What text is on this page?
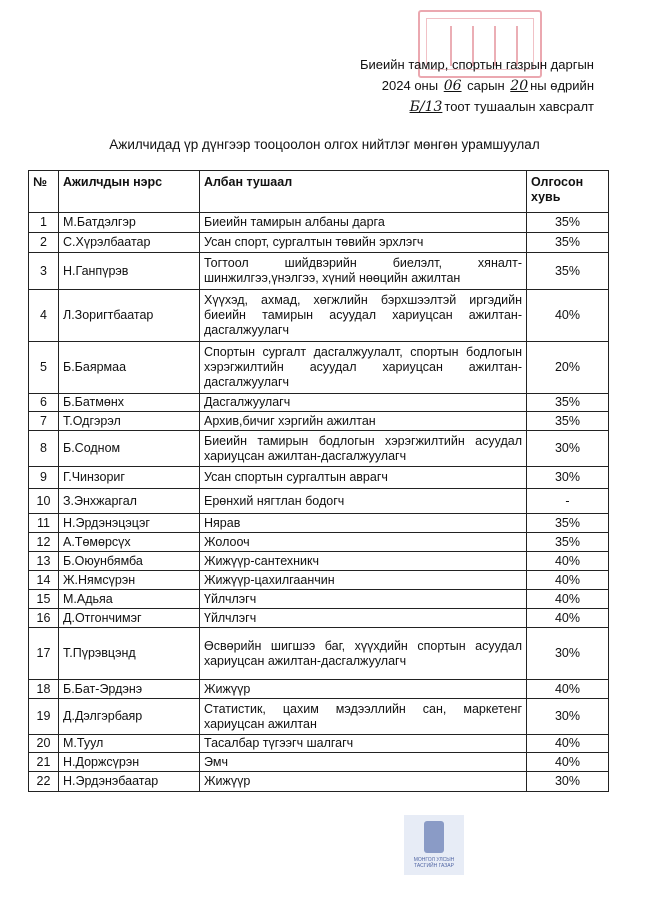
Биеийн тамир, спортын газрын даргын
2024 оны 06 сарын 20 ны өдрийн
Б/13 тоот тушаалын хавсралт
Ажилчидад үр дүнгээр тооцоолон олгох нийтлэг мөнгөн урамшуулал
№	Ажилчдын нэрс	Албан тушаал	Олгосон хувь
1	М.Батдэлгэр	Биеийн тамирын албаны дарга	35%
2	С.Хүрэлбаатар	Усан спорт, сургалтын төвийн эрхлэгч	35%
3	Н.Ганпүрэв	Тогтоол шийдвэрийн биелэлт, хяналт-шинжилгээ,үнэлгээ, хүний нөөцийн ажилтан	35%
4	Л.Зоригтбаатар	Хүүхэд, ахмад, хөгжлийн бэрхшээлтэй иргэдийн биеийн тамирын асуудал хариуцсан ажилтан-дасгалжуулагч	40%
5	Б.Баярмаа	Спортын сургалт дасгалжуулалт, спортын бодлогын хэрэгжилтийн асуудал хариуцсан ажилтан-дасгалжуулагч	20%
6	Б.Батмөнх	Дасгалжуулагч	35%
7	Т.Одгэрэл	Архив,бичиг хэргийн ажилтан	35%
8	Б.Содном	Биеийн тамирын бодлогын хэрэгжилтийн асуудал хариуцсан ажилтан-дасгалжуулагч	30%
9	Г.Чинзориг	Усан спортын сургалтын аврагч	30%
10	З.Энхжаргал	Ерөнхий нягтлан бодогч	-
11	Н.Эрдэнэцэцэг	Нярав	35%
12	А.Төмөрсүх	Жолооч	35%
13	Б.Оюунбямба	Жижүүр-сантехникч	40%
14	Ж.Нямсүрэн	Жижүүр-цахилгаанчин	40%
15	М.Адьяа	Үйлчлэгч	40%
16	Д.Отгончимэг	Үйлчлэгч	40%
17	Т.Пүрэвцэнд	Өсвөрийн шигшээ баг, хүүхдийн спортын асуудал хариуцсан ажилтан-дасгалжуулагч	30%
18	Б.Бат-Эрдэнэ	Жижүүр	40%
19	Д.Дэлгэрбаяр	Статистик, цахим мэдээллийн сан, маркетенг хариуцсан ажилтан	30%
20	М.Туул	Тасалбар түгээгч шалгагч	40%
21	Н.Доржсүрэн	Эмч	40%
22	Н.Эрдэнэбаатар	Жижүүр	30%
МОНГОЛ УЛСЫН ТАСГИЙН ГАЗАР
